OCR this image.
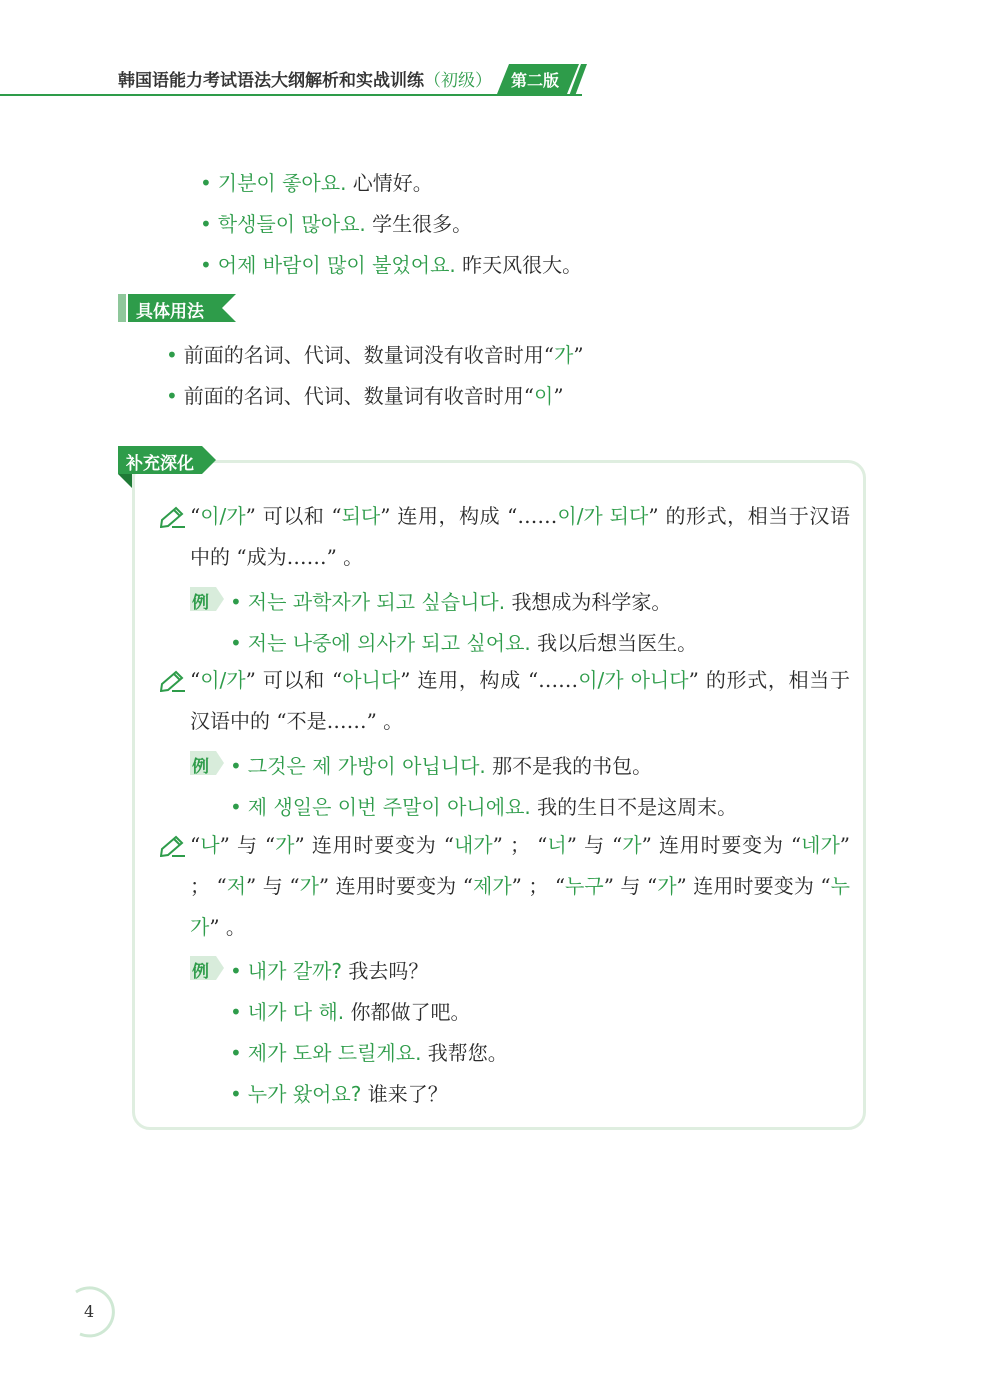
韩国语能力考试语法大纲解析和实战训练（初级）	第二版
• 기분이 좋아요. 心情好。
• 학생들이 많아요. 学生很多。
• 어제 바람이 많이 불었어요. 昨天风很大。
具体用法
• 前面的名词、代词、数量词没有收音时用“가”
• 前面的名词、代词、数量词有收音时用“이”
补充深化
“이/가” 可以和 “되다” 连用，构成 “……이/가 되다” 的形式，相当于汉语中的 “成为……” 。
例 • 저는 과학자가 되고 싶습니다. 我想成为科学家。
• 저는 나중에 의사가 되고 싶어요. 我以后想当医生。
“이/가” 可以和 “아니다” 连用，构成 “……이/가 아니다” 的形式，相当于汉语中的 “不是……” 。
例 • 그것은 제 가방이 아닙니다. 那不是我的书包。
• 제 생일은 이번 주말이 아니에요. 我的生日不是这周末。
“나” 与 “가” 连用时要变为 “내가” ； “너” 与 “가” 连用时要变为 “네가” ； “저” 与 “가” 连用时要变为 “제가” ； “누구” 与 “가” 连用时要变为 “누가” 。
例 • 내가 갈까? 我去吗？
• 네가 다 해. 你都做了吧。
• 제가 도와 드릴게요. 我帮您。
• 누가 왔어요? 谁来了？
4
